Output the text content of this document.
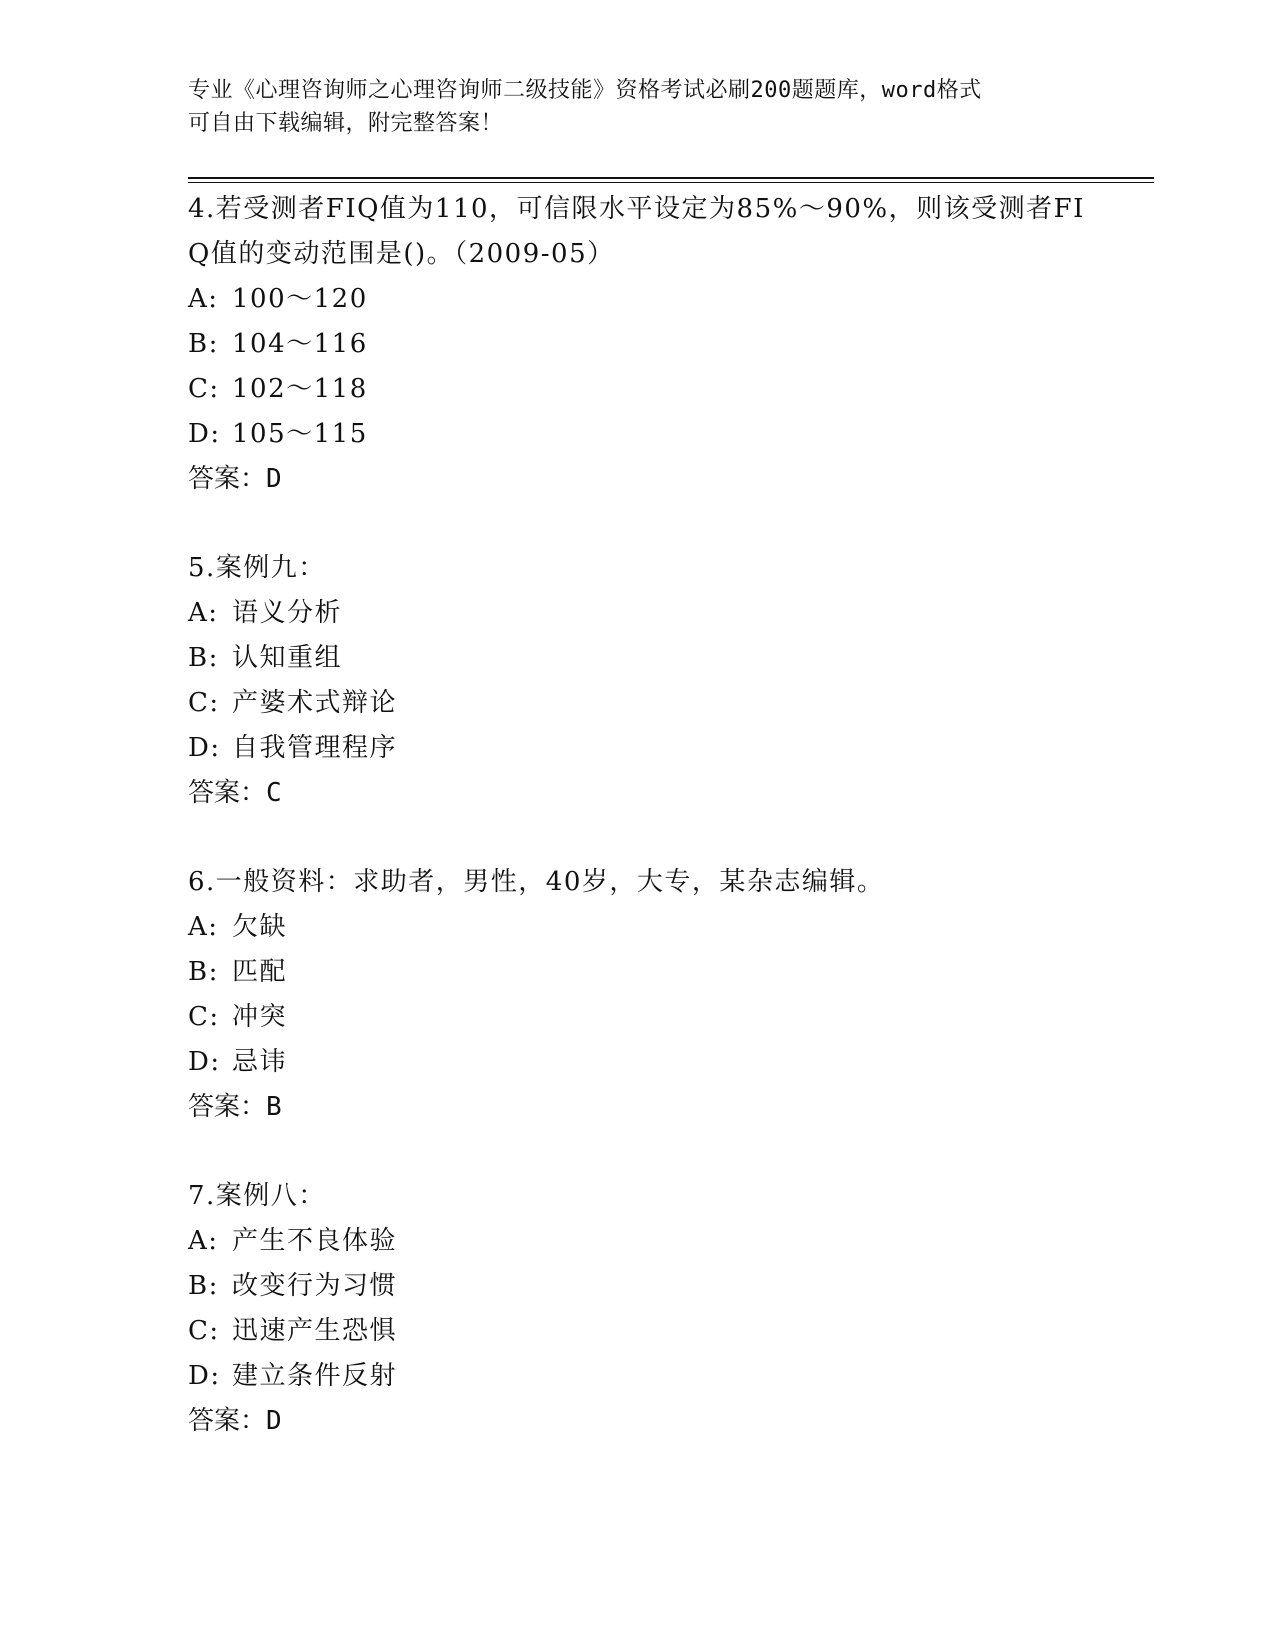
专业《心理咨询师之心理咨询师二级技能》资格考试必刷200题题库，word格式
可自由下载编辑，附完整答案！

4.若受测者FIQ值为110，可信限水平设定为85%～90%，则该受测者FIQ值的变动范围是()。（2009-05）

A: 100～120
B: 104～116
C: 102～118
D: 105～115

答案：D

5.案例九：

A: 语义分析
B: 认知重组
C: 产婆术式辩论
D: 自我管理程序

答案：C

6.一般资料：求助者，男性，40岁，大专，某杂志编辑。

A: 欠缺
B: 匹配
C: 冲突
D: 忌讳

答案：B

7.案例八：

A: 产生不良体验
B: 改变行为习惯
C: 迅速产生恐惧
D: 建立条件反射

答案：D
